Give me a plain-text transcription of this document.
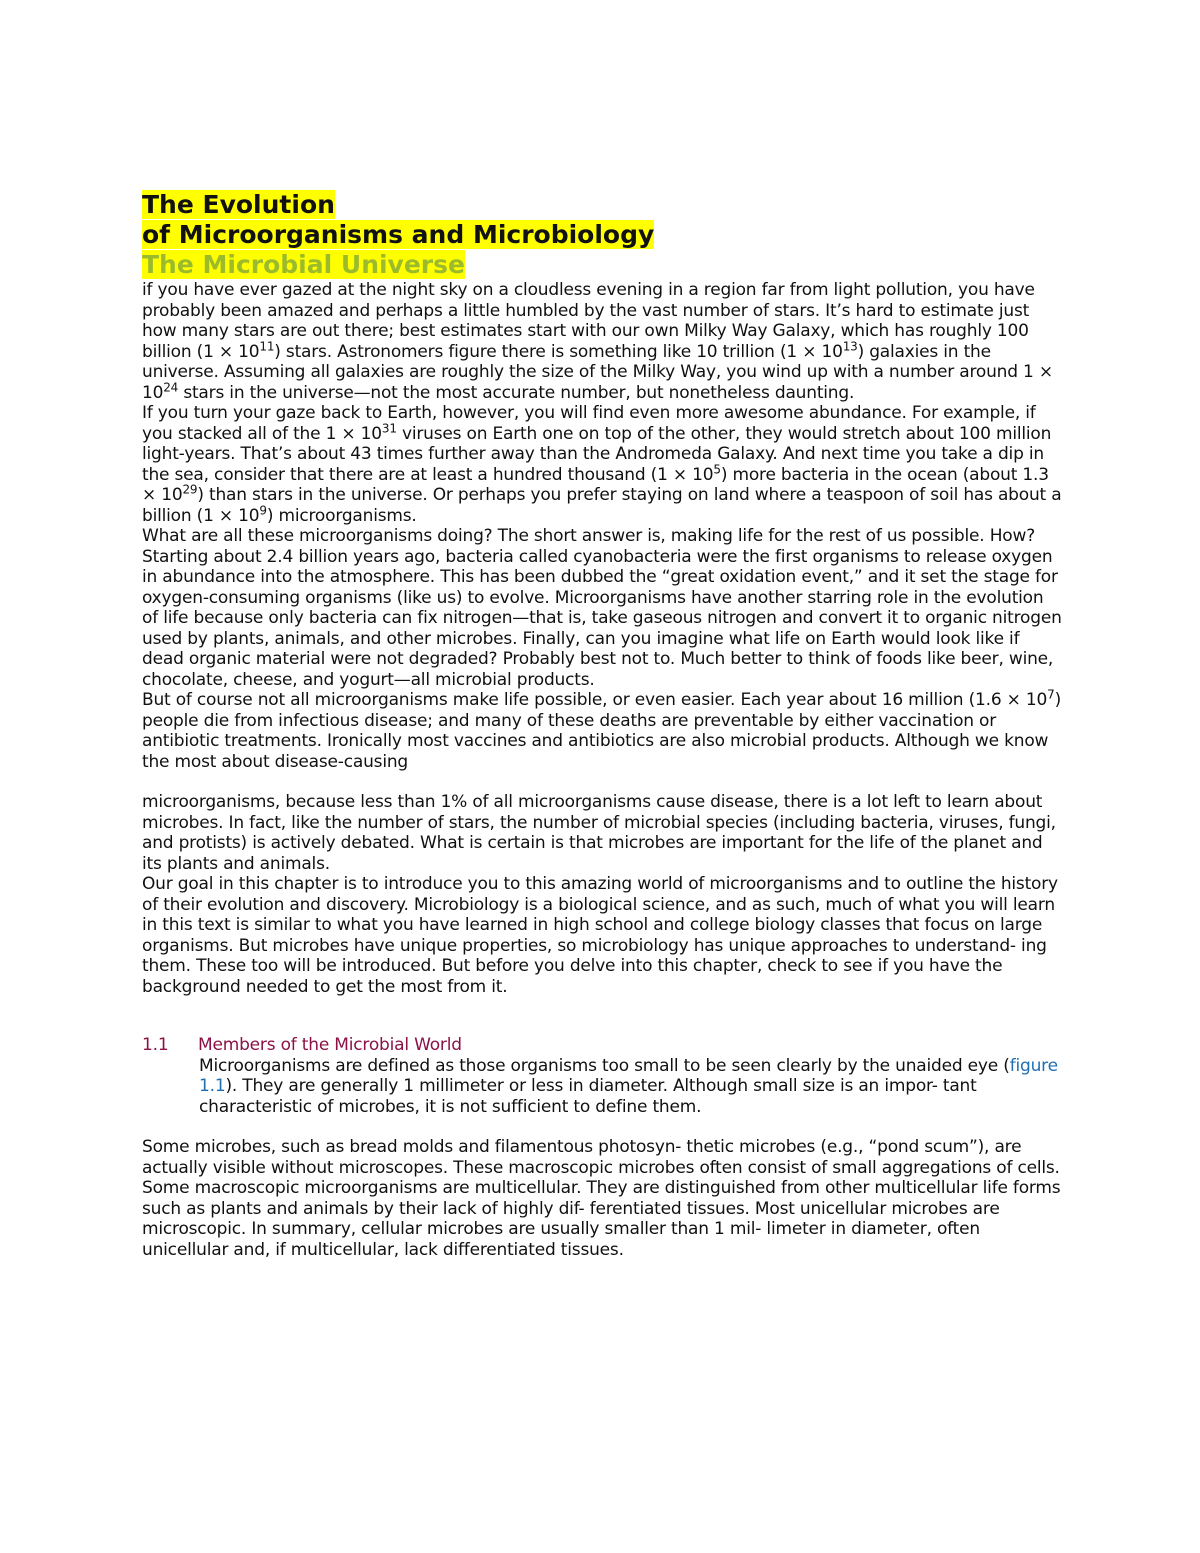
The Evolution
of Microorganisms and Microbiology
The Microbial Universe

if you have ever gazed at the night sky on a cloudless evening in a region far from light pollution, you have probably been amazed and perhaps a little humbled by the vast number of stars. It’s hard to estimate just how many stars are out there; best estimates start with our own Milky Way Galaxy, which has roughly 100 billion $(1 \times 10^{11})$ stars. Astronomers figure there is something like 10 trillion $(1 \times 10^{13})$ galaxies in the universe. Assuming all galaxies are roughly the size of the Milky Way, you wind up with a number around $1 \times 10^{24}$ stars in the universe—not the most accurate number, but nonetheless daunting.

If you turn your gaze back to Earth, however, you will find even more awesome abundance. For example, if you stacked all of the $1 \times 10^{31}$ viruses on Earth one on top of the other, they would stretch about 100 million light-years. That’s about 43 times further away than the Andromeda Galaxy. And next time you take a dip in the sea, consider that there are at least a hundred thousand $(1 \times 10^5)$ more bacteria in the ocean (about $1.3 \times 10^{29}$) than stars in the universe. Or perhaps you prefer staying on land where a teaspoon of soil has about a billion $(1 \times 10^9)$ microorganisms.

What are all these microorganisms doing? The short answer is, making life for the rest of us possible. How? Starting about 2.4 billion years ago, bacteria called cyanobacteria were the first organisms to release oxygen in abundance into the atmosphere. This has been dubbed the “great oxidation event,” and it set the stage for oxygen-consuming organisms (like us) to evolve. Microorganisms have another starring role in the evolution of life because only bacteria can fix nitrogen—that is, take gaseous nitrogen and convert it to organic nitrogen used by plants, animals, and other microbes. Finally, can you imagine what life on Earth would look like if dead organic material were not degraded? Probably best not to. Much better to think of foods like beer, wine, chocolate, cheese, and yogurt—all microbial products.

But of course not all microorganisms make life possible, or even easier. Each year about 16 million $(1.6 \times 10^7)$ people die from infectious disease; and many of these deaths are preventable by either vaccination or antibiotic treatments. Ironically most vaccines and antibiotics are also microbial products. Although we know the most about disease-causing

microorganisms, because less than 1% of all microorganisms cause disease, there is a lot left to learn about microbes. In fact, like the number of stars, the number of microbial species (including bacteria, viruses, fungi, and protists) is actively debated. What is certain is that microbes are important for the life of the planet and its plants and animals.

Our goal in this chapter is to introduce you to this amazing world of microorganisms and to outline the history of their evolution and discovery. Microbiology is a biological science, and as such, much of what you will learn in this text is similar to what you have learned in high school and college biology classes that focus on large organisms. But microbes have unique properties, so microbiology has unique approaches to understand- ing them. These too will be introduced. But before you delve into this chapter, check to see if you have the background needed to get the most from it.

1.1 Members of the Microbial World

Microorganisms are defined as those organisms too small to be seen clearly by the unaided eye (figure 1.1). They are generally 1 millimeter or less in diameter. Although small size is an impor- tant characteristic of microbes, it is not sufficient to define them.

Some microbes, such as bread molds and filamentous photosyn- thetic microbes (e.g., “pond scum”), are actually visible without microscopes. These macroscopic microbes often consist of small aggregations of cells. Some macroscopic microorganisms are multicellular. They are distinguished from other multicellular life forms such as plants and animals by their lack of highly dif- ferentiated tissues. Most unicellular microbes are microscopic. In summary, cellular microbes are usually smaller than 1 mil- limeter in diameter, often unicellular and, if multicellular, lack differentiated tissues.
